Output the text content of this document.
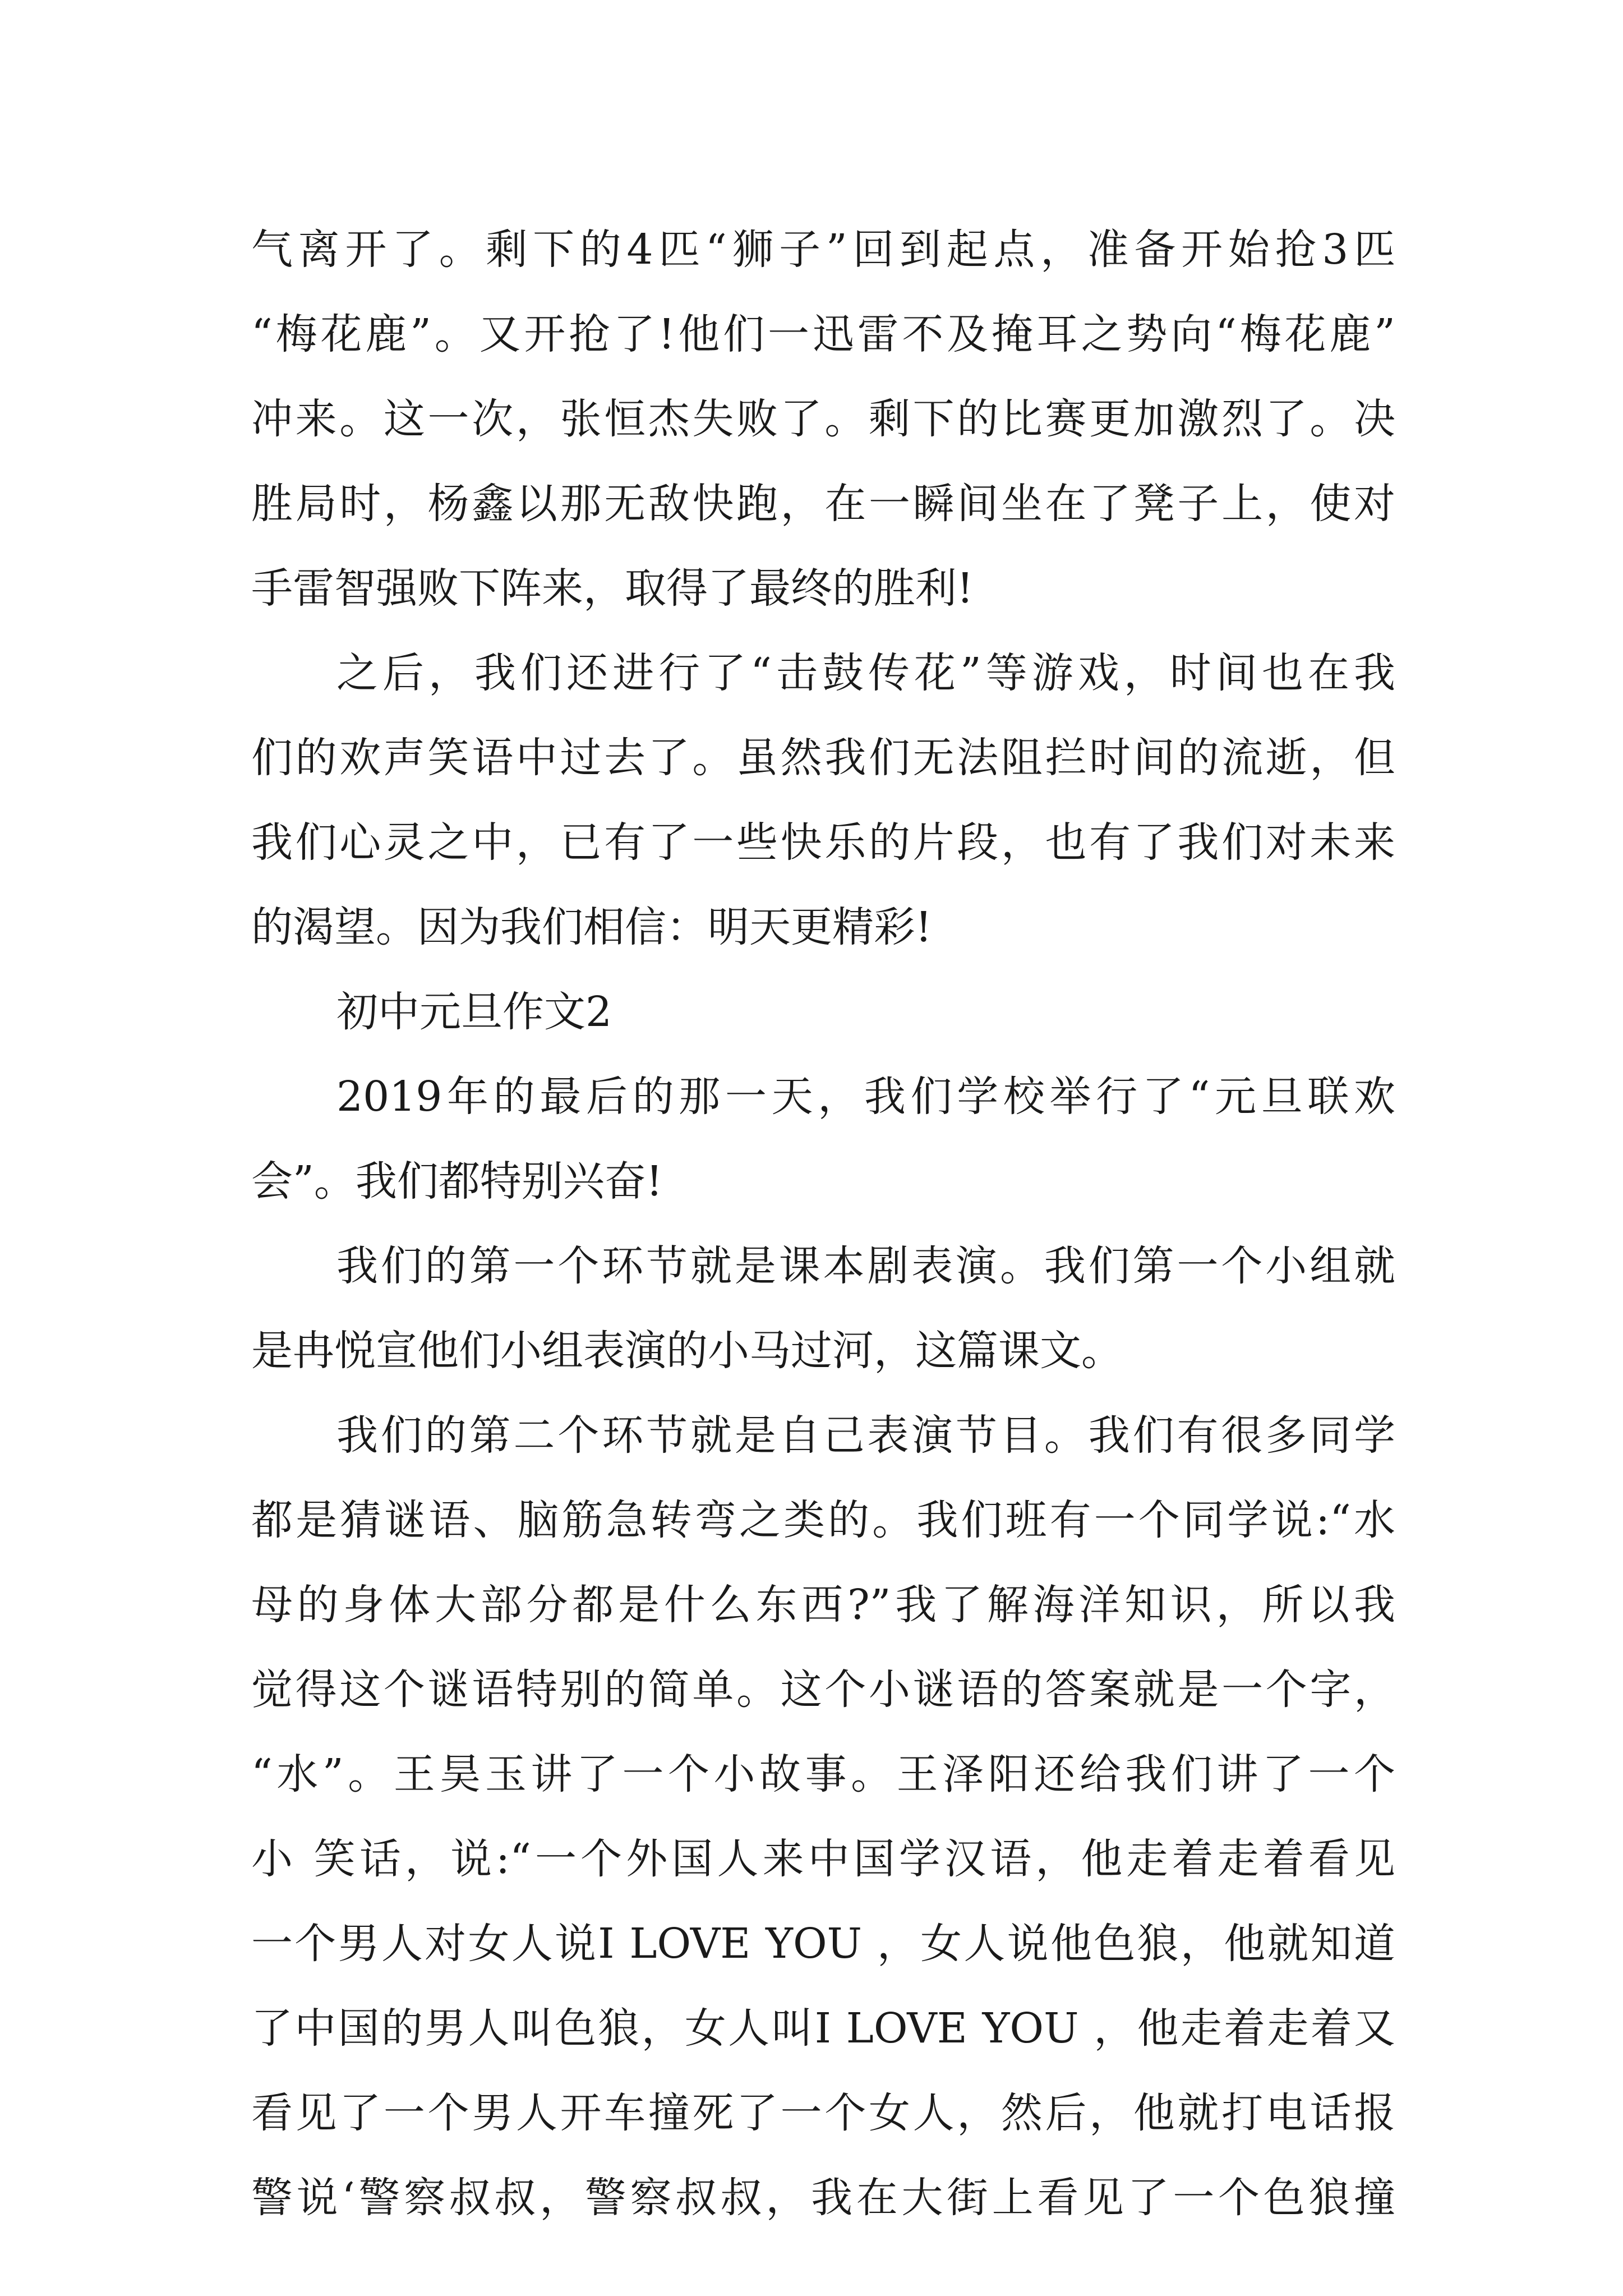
气离开了。剩下的4匹“狮子”回到起点，准备开始抢3匹
“梅花鹿”。又开抢了!他们一迅雷不及掩耳之势向“梅花鹿”
冲来。这一次，张恒杰失败了。剩下的比赛更加激烈了。决
胜局时，杨鑫以那无敌快跑，在一瞬间坐在了凳子上，使对
手雷智强败下阵来，取得了最终的胜利!
之后，我们还进行了“击鼓传花”等游戏，时间也在我
们的欢声笑语中过去了。虽然我们无法阻拦时间的流逝，但
我们心灵之中，已有了一些快乐的片段，也有了我们对未来
的渴望。因为我们相信：明天更精彩!
初中元旦作文2
2019年的最后的那一天，我们学校举行了“元旦联欢
会”。我们都特别兴奋!
我们的第一个环节就是课本剧表演。我们第一个小组就
是冉悦宣他们小组表演的小马过河，这篇课文。
我们的第二个环节就是自己表演节目。我们有很多同学
都是猜谜语、脑筋急转弯之类的。我们班有一个同学说:“水
母的身体大部分都是什么东西?”我了解海洋知识，所以我
觉得这个谜语特别的简单。这个小谜语的答案就是一个字，
“水”。王昊玉讲了一个小故事。王泽阳还给我们讲了一个
小 笑话，说:“一个外国人来中国学汉语，他走着走着看见
一个男人对女人说I LOVE YOU ，女人说他色狼，他就知道
了中国的男人叫色狼，女人叫I LOVE YOU ，他走着走着又
看见了一个男人开车撞死了一个女人，然后，他就打电话报
警说‘警察叔叔，警察叔叔，我在大街上看见了一个色狼撞
